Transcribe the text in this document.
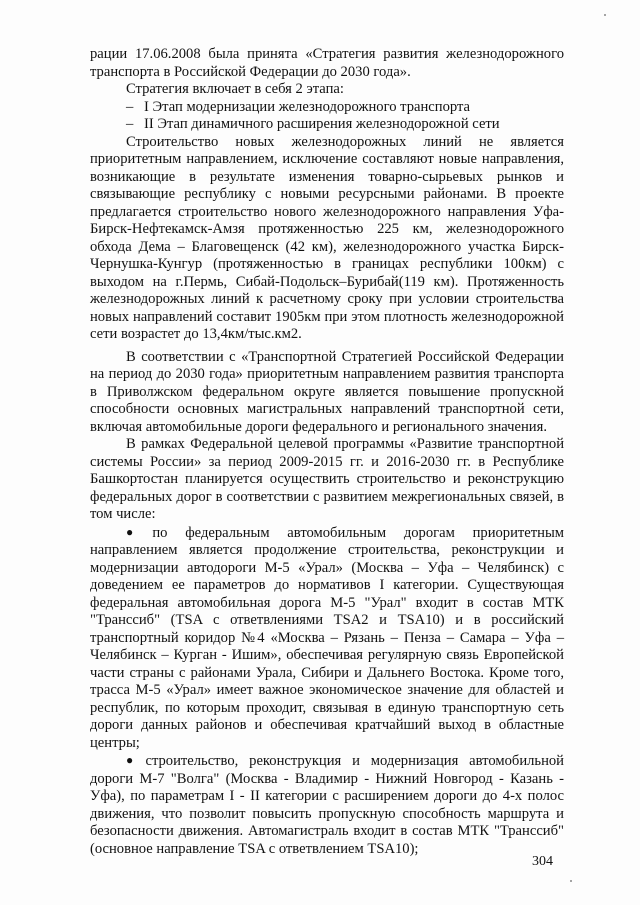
рации 17.06.2008 была принята «Стратегия развития железнодорожного транспорта в Российской Федерации до 2030 года».

Стратегия включает в себя 2 этапа:

– I Этап модернизации железнодорожного транспорта
– II Этап динамичного расширения железнодорожной сети

Строительство новых железнодорожных линий не является приоритетным направлением, исключение составляют новые направления, возникающие в результате изменения товарно-сырьевых рынков и связывающие республику с новыми ресурсными районами. В проекте предлагается строительство нового железнодорожного направления Уфа-Бирск-Нефтекамск-Амзя протяженностью 225 км, железнодорожного обхода Дема – Благовещенск (42 км), железнодорожного участка Бирск-Чернушка-Кунгур (протяженностью в границах республики 100км) с выходом на г.Пермь, Сибай-Подольск–Бурибай(119 км). Протяженность железнодорожных линий к расчетному сроку при условии строительства новых направлений составит 1905км при этом плотность железнодорожной сети возрастет до 13,4км/тыс.км2.

В соответствии с «Транспортной Стратегией Российской Федерации на период до 2030 года» приоритетным направлением развития транспорта в Приволжском федеральном округе является повышение пропускной способности основных магистральных направлений транспортной сети, включая автомобильные дороги федерального и регионального значения.

В рамках Федеральной целевой программы «Развитие транспортной системы России» за период 2009-2015 гг. и 2016-2030 гг. в Республике Башкортостан планируется осуществить строительство и реконструкцию федеральных дорог в соответствии с развитием межрегиональных связей, в том числе:

● по федеральным автомобильным дорогам приоритетным направлением является продолжение строительства, реконструкции и модернизации автодороги М-5 «Урал» (Москва – Уфа – Челябинск) с доведением ее параметров до нормативов I категории. Существующая федеральная автомобильная дорога М-5 "Урал" входит в состав МТК "Транссиб" (TSA с ответвлениями TSA2 и TSA10) и в российский транспортный коридор №4 «Москва – Рязань – Пенза – Самара – Уфа – Челябинск – Курган - Ишим», обеспечивая регулярную связь Европейской части страны с районами Урала, Сибири и Дальнего Востока. Кроме того, трасса М-5 «Урал» имеет важное экономическое значение для областей и республик, по которым проходит, связывая в единую транспортную сеть дороги данных районов и обеспечивая кратчайший выход в областные центры;

● строительство, реконструкция и модернизация автомобильной дороги М-7 "Волга" (Москва - Владимир - Нижний Новгород - Казань - Уфа), по параметрам I - II категории с расширением дороги до 4-х полос движения, что позволит повысить пропускную способность маршрута и безопасности движения. Автомагистраль входит в состав МТК "Транссиб" (основное направление TSA с ответвлением TSA10);

304
